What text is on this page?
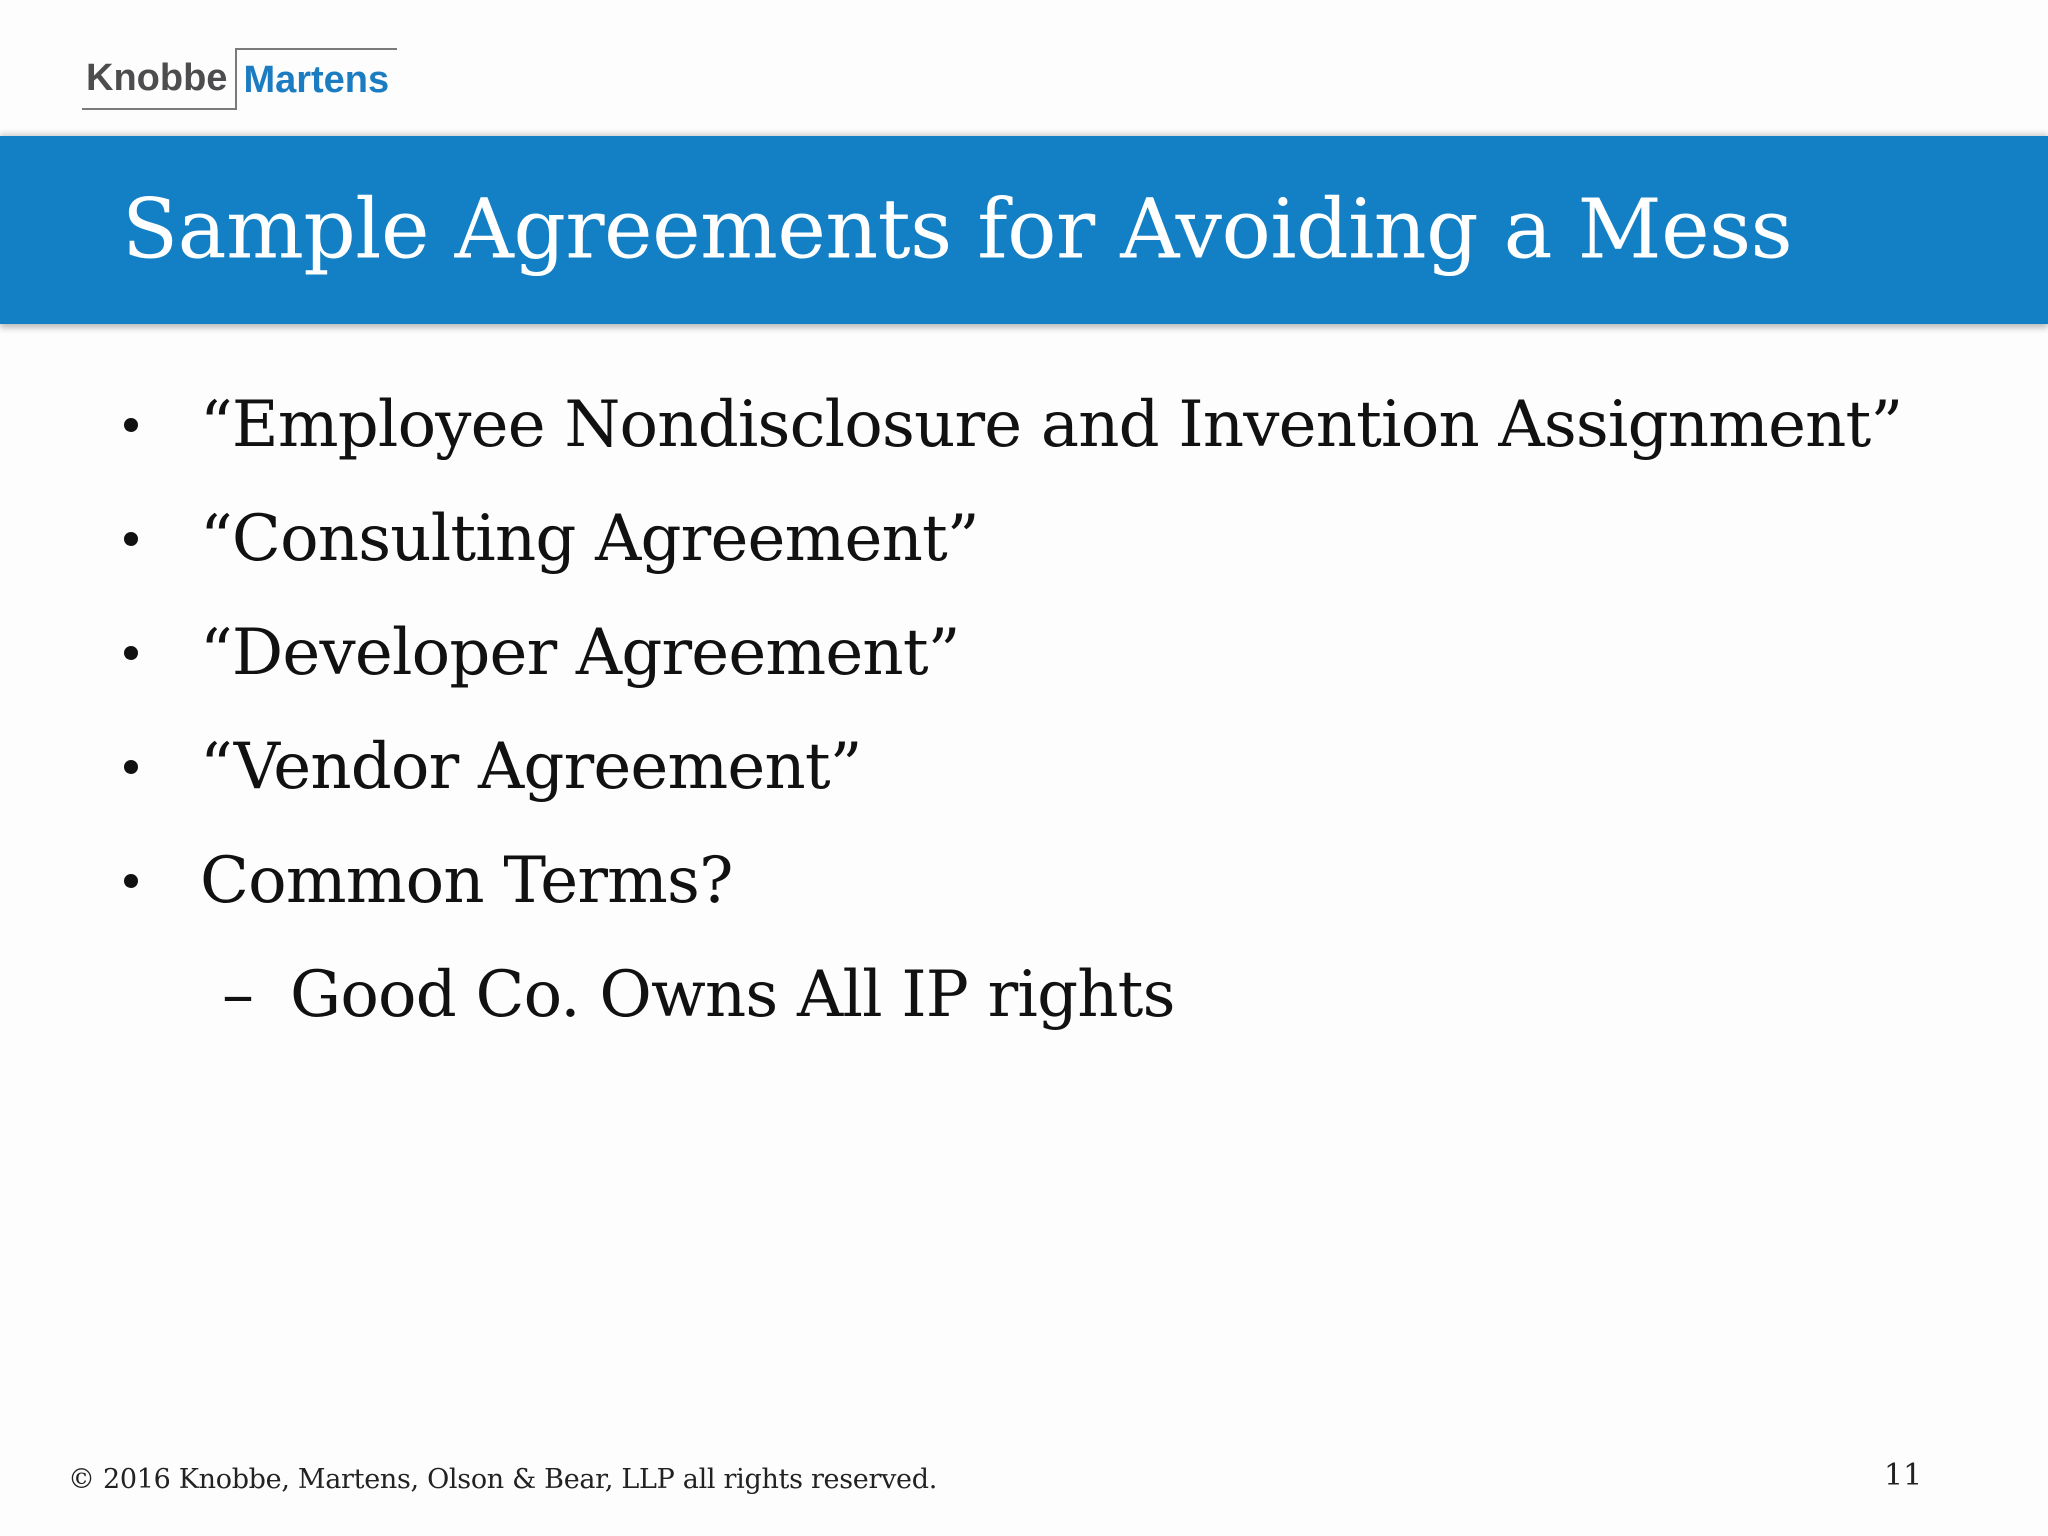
Knobbe Martens
Sample Agreements for Avoiding a Mess
“Employee Nondisclosure and Invention Assignment”
“Consulting Agreement”
“Developer Agreement”
“Vendor Agreement”
Common Terms?
– Good Co. Owns All IP rights
© 2016 Knobbe, Martens, Olson & Bear, LLP all rights reserved.	11
